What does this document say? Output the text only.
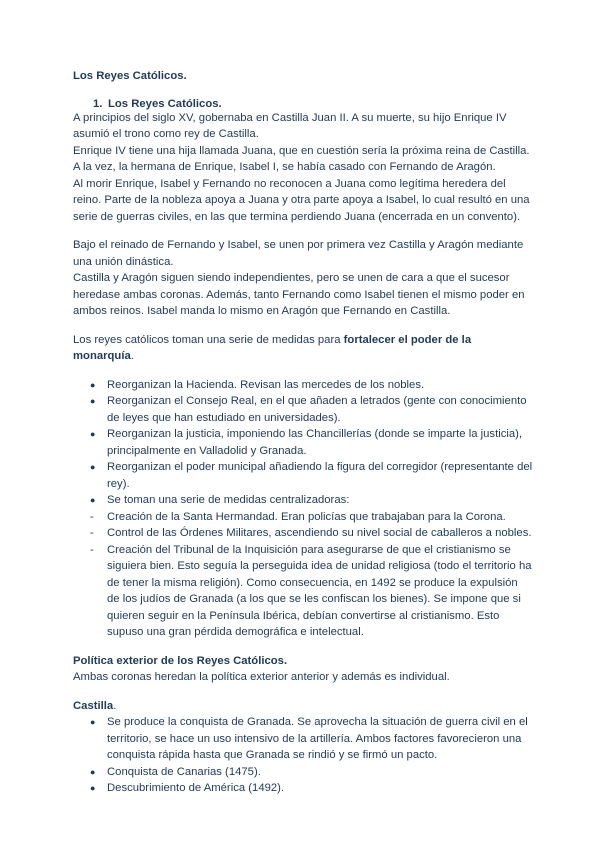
Los Reyes Católicos.

1. Los Reyes Católicos.

A principios del siglo XV, gobernaba en Castilla Juan II. A su muerte, su hijo Enrique IV asumió el trono como rey de Castilla.

Enrique IV tiene una hija llamada Juana, que en cuestión sería la próxima reina de Castilla.

A la vez, la hermana de Enrique, Isabel I, se había casado con Fernando de Aragón.

Al morir Enrique, Isabel y Fernando no reconocen a Juana como legítima heredera del reino. Parte de la nobleza apoya a Juana y otra parte apoya a Isabel, lo cual resultó en una serie de guerras civiles, en las que termina perdiendo Juana (encerrada en un convento).

Bajo el reinado de Fernando y Isabel, se unen por primera vez Castilla y Aragón mediante una unión dinástica.

Castilla y Aragón siguen siendo independientes, pero se unen de cara a que el sucesor heredase ambas coronas. Además, tanto Fernando como Isabel tienen el mismo poder en ambos reinos. Isabel manda lo mismo en Aragón que Fernando en Castilla.

Los reyes católicos toman una serie de medidas para fortalecer el poder de la monarquía.

●	Reorganizan la Hacienda. Revisan las mercedes de los nobles.
●	Reorganizan el Consejo Real, en el que añaden a letrados (gente con conocimiento de leyes que han estudiado en universidades).
●	Reorganizan la justicia, imponiendo las Chancillerías (donde se imparte la justicia), principalmente en Valladolid y Granada.
●	Reorganizan el poder municipal añadiendo la figura del corregidor (representante del rey).
●	Se toman una serie de medidas centralizadoras:
-	Creación de la Santa Hermandad. Eran policías que trabajaban para la Corona.
-	Control de las Órdenes Militares, ascendiendo su nivel social de caballeros a nobles.
-	Creación del Tribunal de la Inquisición para asegurarse de que el cristianismo se siguiera bien. Esto seguía la perseguida idea de unidad religiosa (todo el territorio ha de tener la misma religión). Como consecuencia, en 1492 se produce la expulsión de los judíos de Granada (a los que se les confiscan los bienes). Se impone que si quieren seguir en la Península Ibérica, debían convertirse al cristianismo. Esto supuso una gran pérdida demográfica e intelectual.

Política exterior de los Reyes Católicos.

Ambas coronas heredan la política exterior anterior y además es individual.

Castilla.

●	Se produce la conquista de Granada. Se aprovecha la situación de guerra civil en el territorio, se hace un uso intensivo de la artillería. Ambos factores favorecieron una conquista rápida hasta que Granada se rindió y se firmó un pacto.
●	Conquista de Canarias (1475).
●	Descubrimiento de América (1492).
